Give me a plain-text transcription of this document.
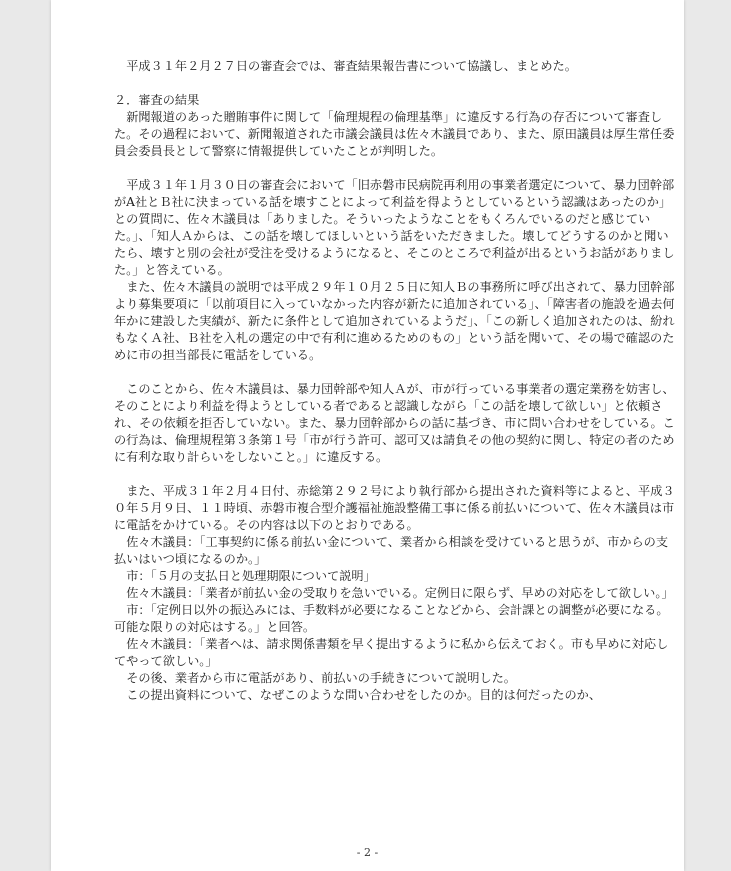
平成３１年２月２７日の審査会では、審査結果報告書について協議し、まとめた。

２．審査の結果

新聞報道のあった贈賄事件に関して「倫理規程の倫理基準」に違反する行為の存否について審査した。その過程において、新聞報道された市議会議員は佐々木議員であり、また、原田議員は厚生常任委員会委員長として警察に情報提供していたことが判明した。

平成３１年１月３０日の審査会において「旧赤磐市民病院再利用の事業者選定について、暴力団幹部がA社とＢ社に決まっている話を壊すことによって利益を得ようとしているという認識はあったのか」との質問に、佐々木議員は「ありました。そういったようなことをもくろんでいるのだと感じていた。」、「知人Ａからは、この話を壊してほしいという話をいただきました。壊してどうするのかと聞いたら、壊すと別の会社が受注を受けるようになると、そこのところで利益が出るというお話がありました。」と答えている。

また、佐々木議員の説明では平成２９年１０月２５日に知人Ｂの事務所に呼び出されて、暴力団幹部より募集要項に「以前項目に入っていなかった内容が新たに追加されている」、「障害者の施設を過去何年かに建設した実績が、新たに条件として追加されているようだ」、「この新しく追加されたのは、紛れもなくＡ社、Ｂ社を入札の選定の中で有利に進めるためのもの」という話を聞いて、その場で確認のために市の担当部長に電話をしている。

このことから、佐々木議員は、暴力団幹部や知人Ａが、市が行っている事業者の選定業務を妨害し、そのことにより利益を得ようとしている者であると認識しながら「この話を壊して欲しい」と依頼され、その依頼を拒否していない。また、暴力団幹部からの話に基づき、市に問い合わせをしている。この行為は、倫理規程第３条第１号「市が行う許可、認可又は請負その他の契約に関し、特定の者のために有利な取り計らいをしないこと。」に違反する。

また、平成３１年２月４日付、赤総第２９２号により執行部から提出された資料等によると、平成３０年５月９日、１１時頃、赤磐市複合型介護福祉施設整備工事に係る前払いについて、佐々木議員は市に電話をかけている。その内容は以下のとおりである。

佐々木議員：「工事契約に係る前払い金について、業者から相談を受けていると思うが、市からの支払いはいつ頃になるのか。」

市：「５月の支払日と処理期限について説明」

佐々木議員：「業者が前払い金の受取りを急いでいる。定例日に限らず、早めの対応をして欲しい。」

市：「定例日以外の振込みには、手数料が必要になることなどから、会計課との調整が必要になる。可能な限りの対応はする。」と回答。

佐々木議員：「業者へは、請求関係書類を早く提出するように私から伝えておく。市も早めに対応してやって欲しい。」

その後、業者から市に電話があり、前払いの手続きについて説明した。

この提出資料について、なぜこのような問い合わせをしたのか。目的は何だったのか、

- 2 -
